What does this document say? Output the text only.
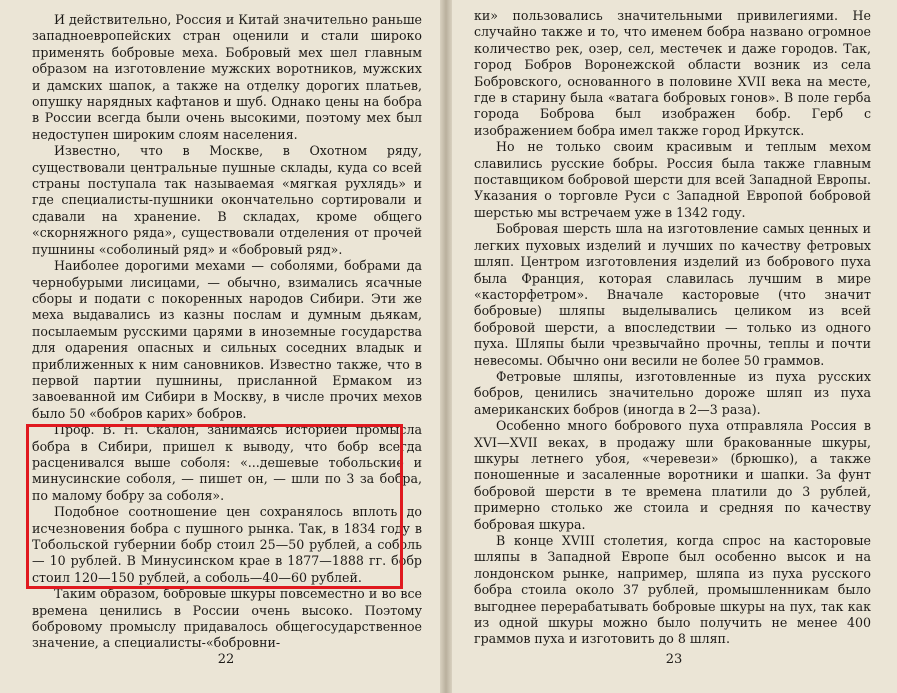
И действительно, Россия и Китай значительно раньше западноевропейских стран оценили и стали широко применять бобровые меха. Бобровый мех шел главным образом на изготовление мужских воротников, мужских и дамских шапок, а также на отделку дорогих платьев, опушку нарядных кафтанов и шуб. Однако цены на бобра в России всегда были очень высокими, поэтому мех был недоступен широким слоям населения.

Известно, что в Москве, в Охотном ряду, существовали центральные пушные склады, куда со всей страны поступала так называемая «мягкая рухлядь» и где специалисты-пушники окончательно сортировали и сдавали на хранение. В складах, кроме общего «скорняжного ряда», существовали отделения от прочей пушнины «соболиный ряд» и «бобровый ряд».

Наиболее дорогими мехами — соболями, бобрами да чернобурыми лисицами, — обычно, взимались ясачные сборы и подати с покоренных народов Сибири. Эти же меха выдавались из казны послам и думным дьякам, посылаемым русскими царями в иноземные государства для одарения опасных и сильных соседних владык и приближенных к ним сановников. Известно также, что в первой партии пушнины, присланной Ермаком из завоеванной им Сибири в Москву, в числе прочих мехов было 50 «бобров карих» бобров.

Проф. В. Н. Скалон, занимаясь историей промысла бобра в Сибири, пришел к выводу, что бобр всегда расценивался выше соболя: «...дешевые тобольские и минусинские соболя, — пишет он, — шли по 3 за бобра, по малому бобру за соболя».

Подобное соотношение цен сохранялось вплоть до исчезновения бобра с пушного рынка. Так, в 1834 году в Тобольской губернии бобр стоил 25—50 рублей, а соболь — 10 рублей. В Минусинском крае в 1877—1888 гг. бобр стоил 120—150 рублей, а соболь—40—60 рублей.

Таким образом, бобровые шкуры повсеместно и во все времена ценились в России очень высоко. Поэтому бобровому промыслу придавалось общегосударственное значение, а специалисты-«бобровни-

22

ки» пользовались значительными привилегиями. Не случайно также и то, что именем бобра названо огромное количество рек, озер, сел, местечек и даже городов. Так, город Бобров Воронежской области возник из села Бобровского, основанного в половине XVII века на месте, где в старину была «ватага бобровых гонов». В поле герба города Боброва был изображен бобр. Герб с изображением бобра имел также город Иркутск.

Но не только своим красивым и теплым мехом славились русские бобры. Россия была также главным поставщиком бобровой шерсти для всей Западной Европы. Указания о торговле Руси с Западной Европой бобровой шерстью мы встречаем уже в 1342 году.

Бобровая шерсть шла на изготовление самых ценных и легких пуховых изделий и лучших по качеству фетровых шляп. Центром изготовления изделий из бобрового пуха была Франция, которая славилась лучшим в мире «касторфетром». Вначале касторовые (что значит бобровые) шляпы выделывались целиком из всей бобровой шерсти, а впоследствии — только из одного пуха. Шляпы были чрезвычайно прочны, теплы и почти невесомы. Обычно они весили не более 50 граммов.

Фетровые шляпы, изготовленные из пуха русских бобров, ценились значительно дороже шляп из пуха американских бобров (иногда в 2—3 раза).

Особенно много бобрового пуха отправляла Россия в XVI—XVII веках, в продажу шли бракованные шкуры, шкуры летнего убоя, «черевези» (брюшко), а также поношенные и засаленные воротники и шапки. За фунт бобровой шерсти в те времена платили до 3 рублей, примерно столько же стоила и средняя по качеству бобровая шкура.

В конце XVIII столетия, когда спрос на касторовые шляпы в Западной Европе был особенно высок и на лондонском рынке, например, шляпа из пуха русского бобра стоила около 37 рублей, промышленникам было выгоднее перерабатывать бобровые шкуры на пух, так как из одной шкуры можно было получить не менее 400 граммов пуха и изготовить до 8 шляп.

23
